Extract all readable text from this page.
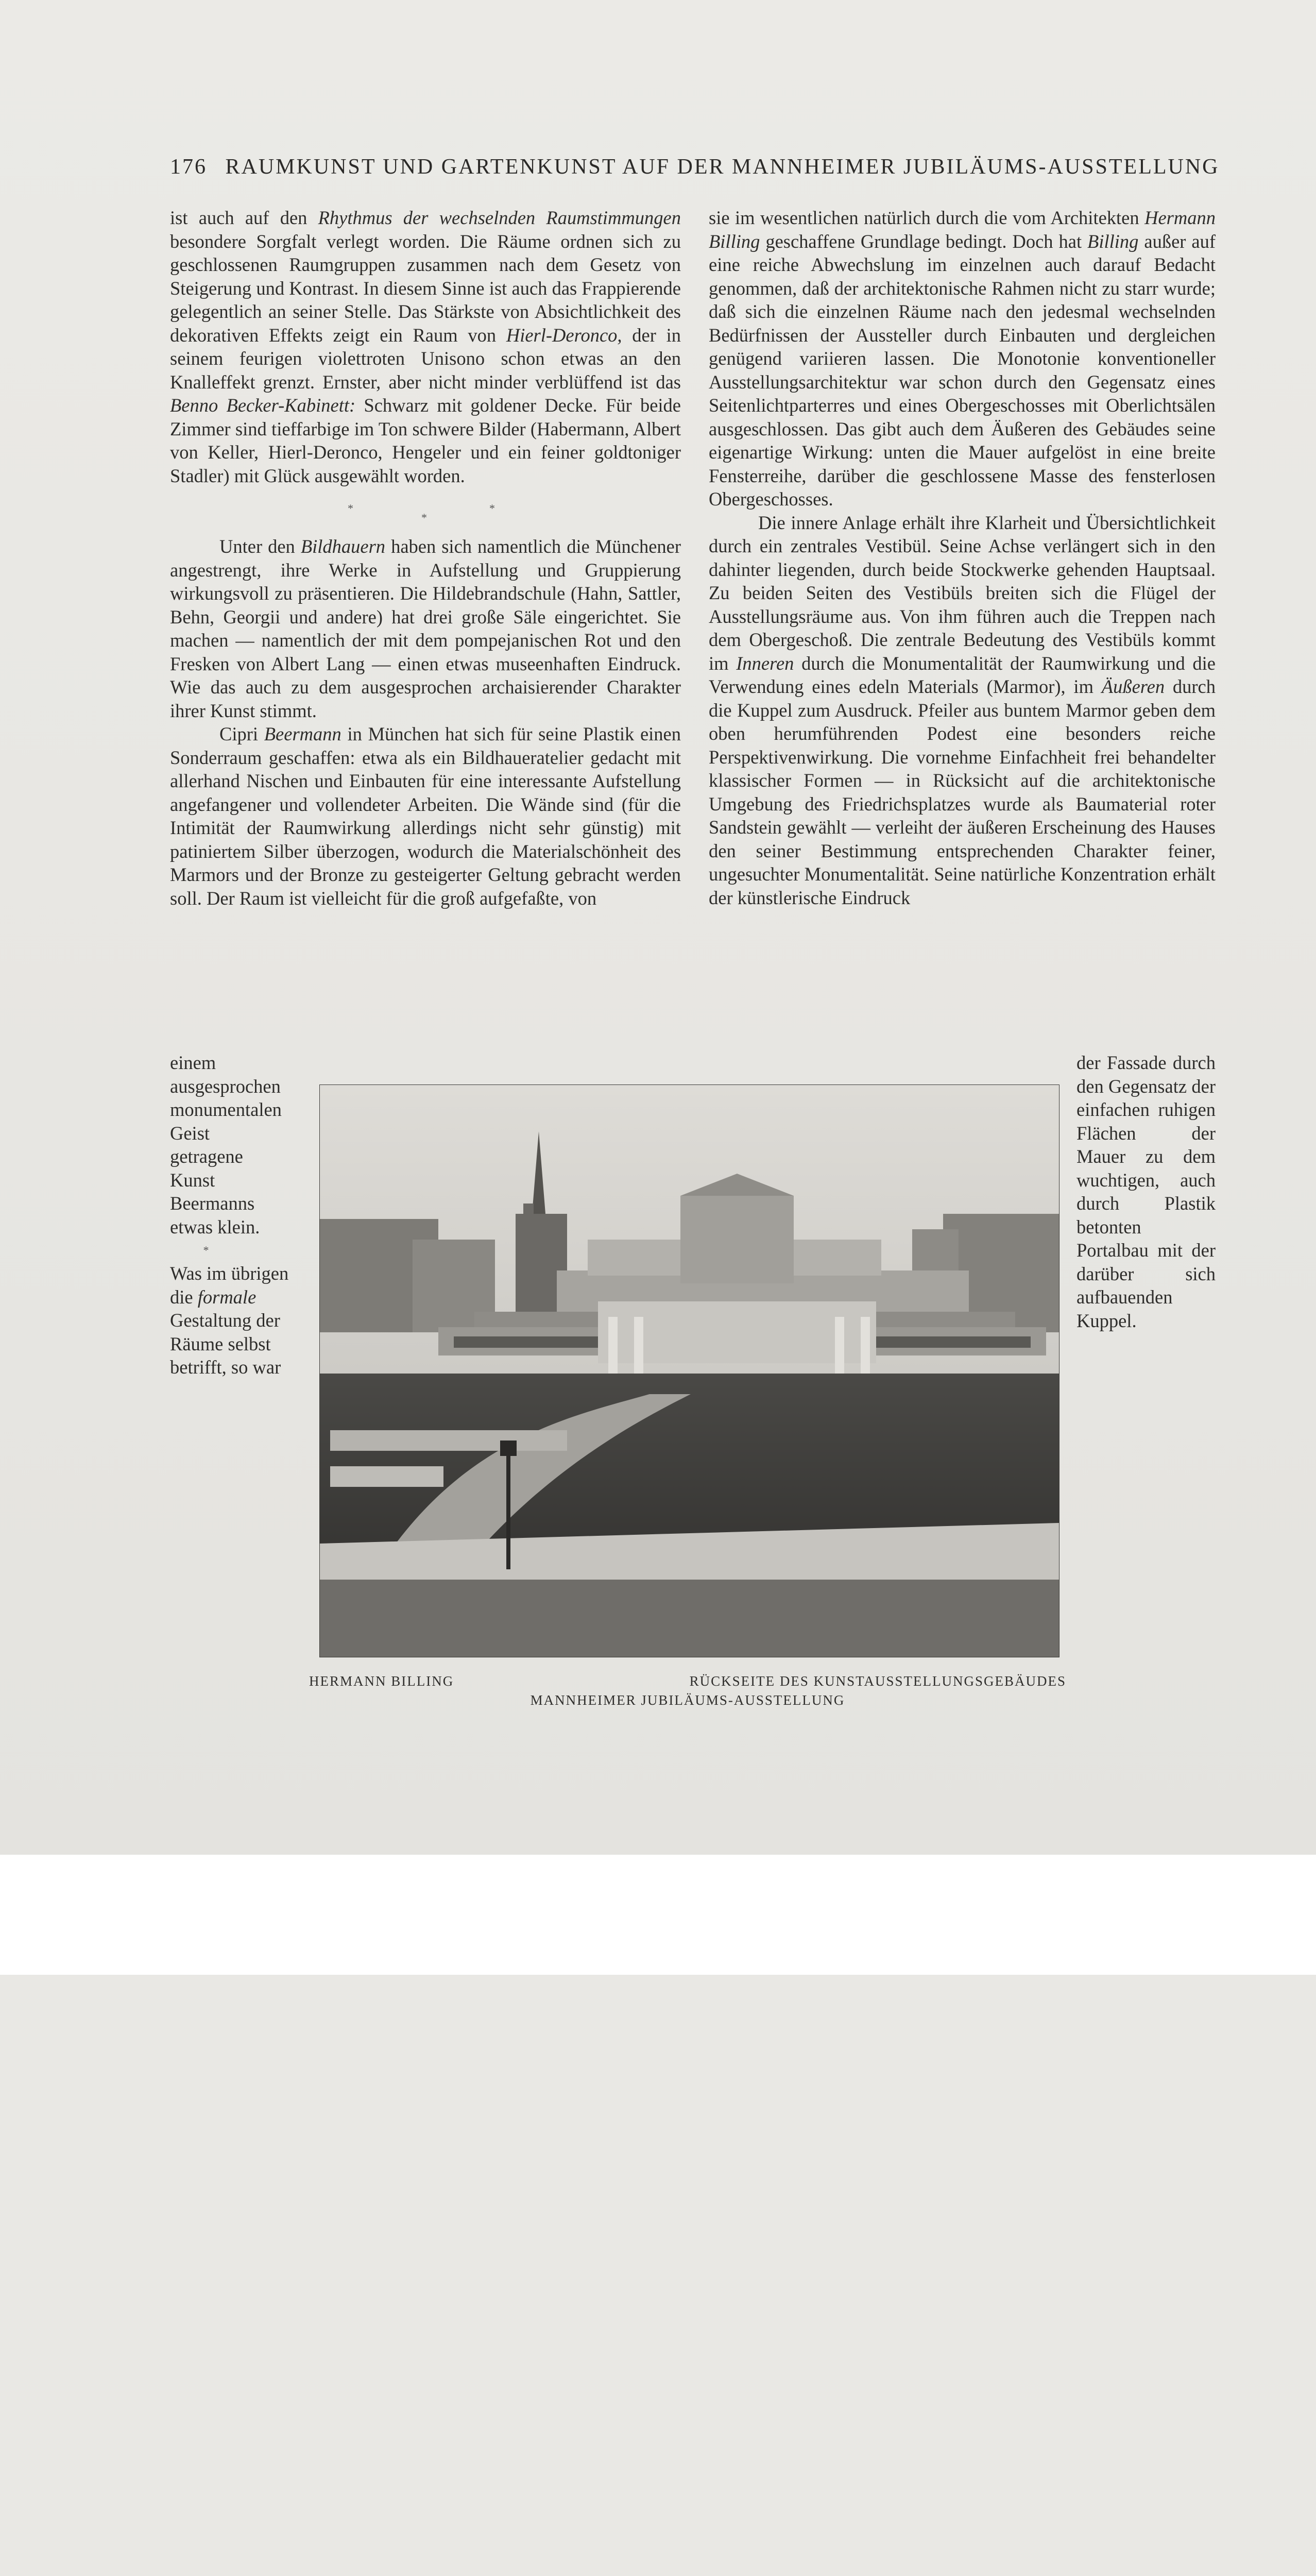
176 RAUMKUNST UND GARTENKUNST AUF DER MANNHEIMER JUBILÄUMS-AUSSTELLUNG

ist auch auf den Rhythmus der wechselnden Raumstimmungen besondere Sorgfalt verlegt worden. Die Räume ordnen sich zu geschlossenen Raumgruppen zusammen nach dem Gesetz von Steigerung und Kontrast. In diesem Sinne ist auch das Frappierende gelegentlich an seiner Stelle. Das Stärkste von Absichtlichkeit des dekorativen Effekts zeigt ein Raum von Hierl-Deronco, der in seinem feurigen violettroten Unisono schon etwas an den Knalleffekt grenzt. Ernster, aber nicht minder verblüffend ist das Benno Becker-Kabinett: Schwarz mit goldener Decke. Für beide Zimmer sind tieffarbige im Ton schwere Bilder (Habermann, Albert von Keller, Hierl-Deronco, Hengeler und ein feiner goldtoniger Stadler) mit Glück ausgewählt worden.

*
*
*

Unter den Bildhauern haben sich namentlich die Münchener angestrengt, ihre Werke in Aufstellung und Gruppierung wirkungsvoll zu präsentieren. Die Hildebrandschule (Hahn, Sattler, Behn, Georgii und andere) hat drei große Säle eingerichtet. Sie machen — namentlich der mit dem pompejanischen Rot und den Fresken von Albert Lang — einen etwas museenhaften Eindruck. Wie das auch zu dem ausgesprochen archaisierender Charakter ihrer Kunst stimmt.

Cipri Beermann in München hat sich für seine Plastik einen Sonderraum geschaffen: etwa als ein Bildhaueratelier gedacht mit allerhand Nischen und Einbauten für eine interessante Aufstellung angefangener und vollendeter Arbeiten. Die Wände sind (für die Intimität der Raumwirkung allerdings nicht sehr günstig) mit patiniertem Silber überzogen, wodurch die Materialschönheit des Marmors und der Bronze zu gesteigerter Geltung gebracht werden soll. Der Raum ist vielleicht für die groß aufgefaßte, von

einem ausgesprochen monumentalen Geist getragene Kunst Beermanns etwas klein.

*

Was im übrigen die formale Gestaltung der Räume selbst betrifft, so war

sie im wesentlichen natürlich durch die vom Architekten Hermann Billing geschaffene Grundlage bedingt. Doch hat Billing außer auf eine reiche Abwechslung im einzelnen auch darauf Bedacht genommen, daß der architektonische Rahmen nicht zu starr wurde; daß sich die einzelnen Räume nach den jedesmal wechselnden Bedürfnissen der Aussteller durch Einbauten und dergleichen genügend variieren lassen. Die Monotonie konventioneller Ausstellungsarchitektur war schon durch den Gegensatz eines Seitenlichtparterres und eines Obergeschosses mit Oberlichtsälen ausgeschlossen. Das gibt auch dem Äußeren des Gebäudes seine eigenartige Wirkung: unten die Mauer aufgelöst in eine breite Fensterreihe, darüber die geschlossene Masse des fensterlosen Obergeschosses.

Die innere Anlage erhält ihre Klarheit und Übersichtlichkeit durch ein zentrales Vestibül. Seine Achse verlängert sich in den dahinter liegenden, durch beide Stockwerke gehenden Hauptsaal. Zu beiden Seiten des Vestibüls breiten sich die Flügel der Ausstellungsräume aus. Von ihm führen auch die Treppen nach dem Obergeschoß. Die zentrale Bedeutung des Vestibüls kommt im Inneren durch die Monumentalität der Raumwirkung und die Verwendung eines edeln Materials (Marmor), im Äußeren durch die Kuppel zum Ausdruck. Pfeiler aus buntem Marmor geben dem oben herumführenden Podest eine besonders reiche Perspektivenwirkung. Die vornehme Einfachheit frei behandelter klassischer Formen — in Rücksicht auf die architektonische Umgebung des Friedrichsplatzes wurde als Baumaterial roter Sandstein gewählt — verleiht der äußeren Erscheinung des Hauses den seiner Bestimmung entsprechenden Charakter feiner, ungesuchter Monumentalität. Seine natürliche Konzentration erhält der künstlerische Eindruck

der Fassade durch den Gegensatz der einfachen ruhigen Flächen der Mauer zu dem wuchtigen, auch durch Plastik betonten Portalbau mit der darüber sich aufbauenden Kuppel.

HERMANN BILLING	RÜCKSEITE DES KUNSTAUSSTELLUNGSGEBÄUDES
MANNHEIMER JUBILÄUMS-AUSSTELLUNG
